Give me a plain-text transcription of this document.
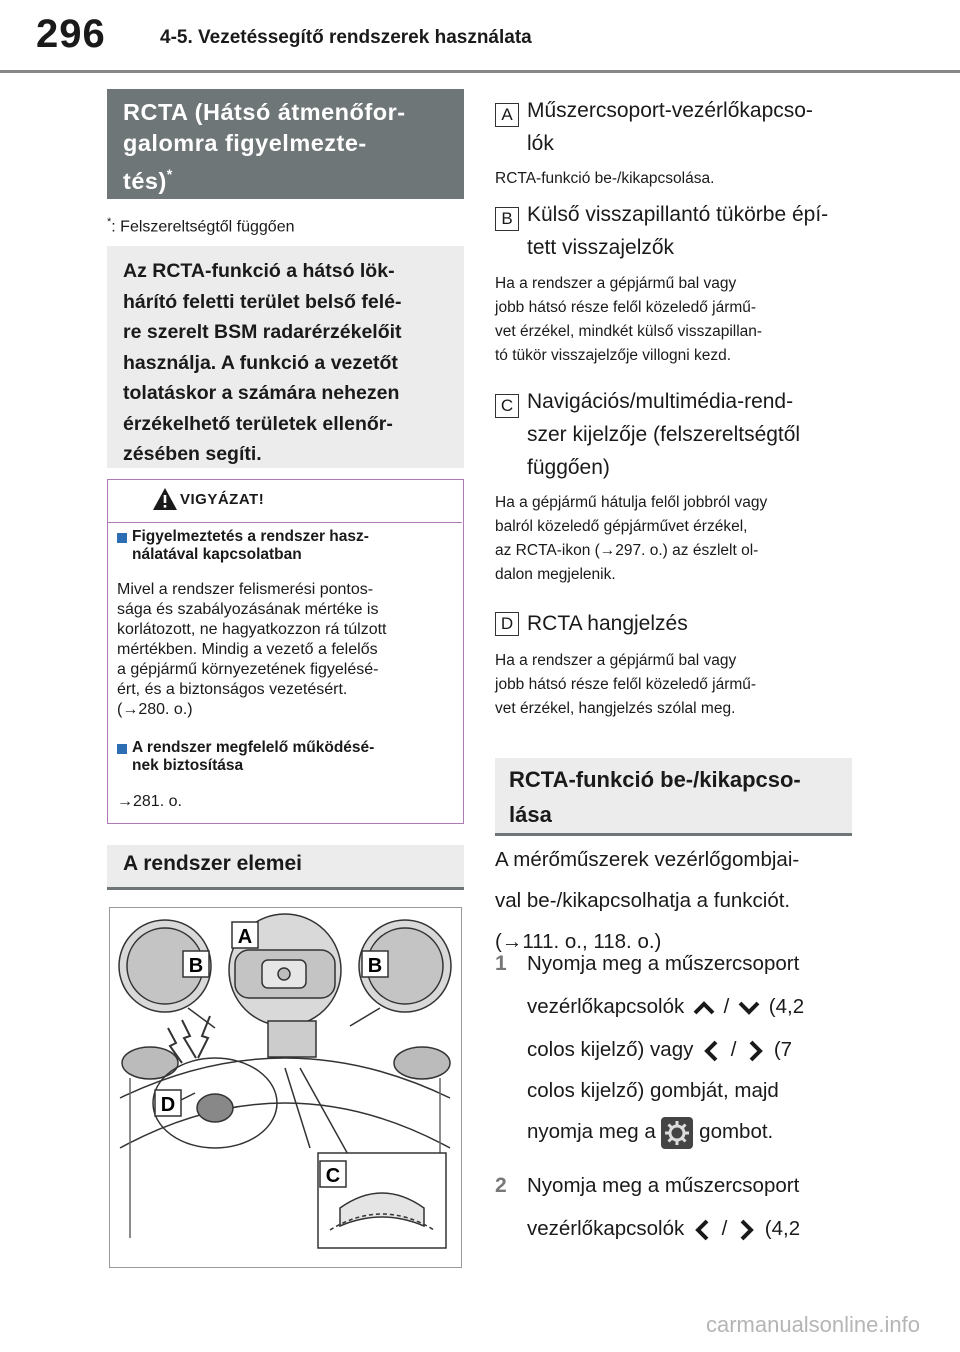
296	4-5. Vezetéssegítő rendszerek használata
RCTA (Hátsó átmenőfor-
galomra figyelmezte-
tés)*
*: Felszereltségtől függően
Az RCTA-funkció a hátsó lök-
hárító feletti terület belső felé-
re szerelt BSM radarérzékelőit
használja. A funkció a vezetőt
tolatáskor a számára nehezen
érzékelhető területek ellenőr-
zésében segíti.
VIGYÁZAT!
Figyelmeztetés a rendszer hasz-
nálatával kapcsolatban
Mivel a rendszer felismerési pontos-
sága és szabályozásának mértéke is
korlátozott, ne hagyatkozzon rá túlzott
mértékben. Mindig a vezető a felelős
a gépjármű környezetének figyelésé-
ért, és a biztonságos vezetésért.
(→280. o.)
A rendszer megfelelő működésé-
nek biztosítása
→281. o.
A rendszer elemei
B
A
B
D
C
A Műszercsoport-vezérlőkapcso-
lók
RCTA-funkció be-/kikapcsolása.
B Külső visszapillantó tükörbe épí-
tett visszajelzők
Ha a rendszer a gépjármű bal vagy
jobb hátsó része felől közeledő jármű-
vet érzékel, mindkét külső visszapillan-
tó tükör visszajelzője villogni kezd.
C Navigációs/multimédia-rend-
szer kijelzője (felszereltségtől
függően)
Ha a gépjármű hátulja felől jobbról vagy
balról közeledő gépjárművet érzékel,
az RCTA-ikon (→297. o.) az észlelt ol-
dalon megjelenik.
D RCTA hangjelzés
Ha a rendszer a gépjármű bal vagy
jobb hátsó része felől közeledő jármű-
vet érzékel, hangjelzés szólal meg.
RCTA-funkció be-/kikapcso-
lása
A mérőműszerek vezérlőgombjai-
val be-/kikapcsolhatja a funkciót.
(→111. o., 118. o.)
1 Nyomja meg a műszercsoport
vezérlőkapcsolók / (4,2
colos kijelző) vagy / (7
colos kijelző) gombját, majd
nyomja meg a gombot.
2 Nyomja meg a műszercsoport
vezérlőkapcsolók / (4,2
carmanualsonline.info
